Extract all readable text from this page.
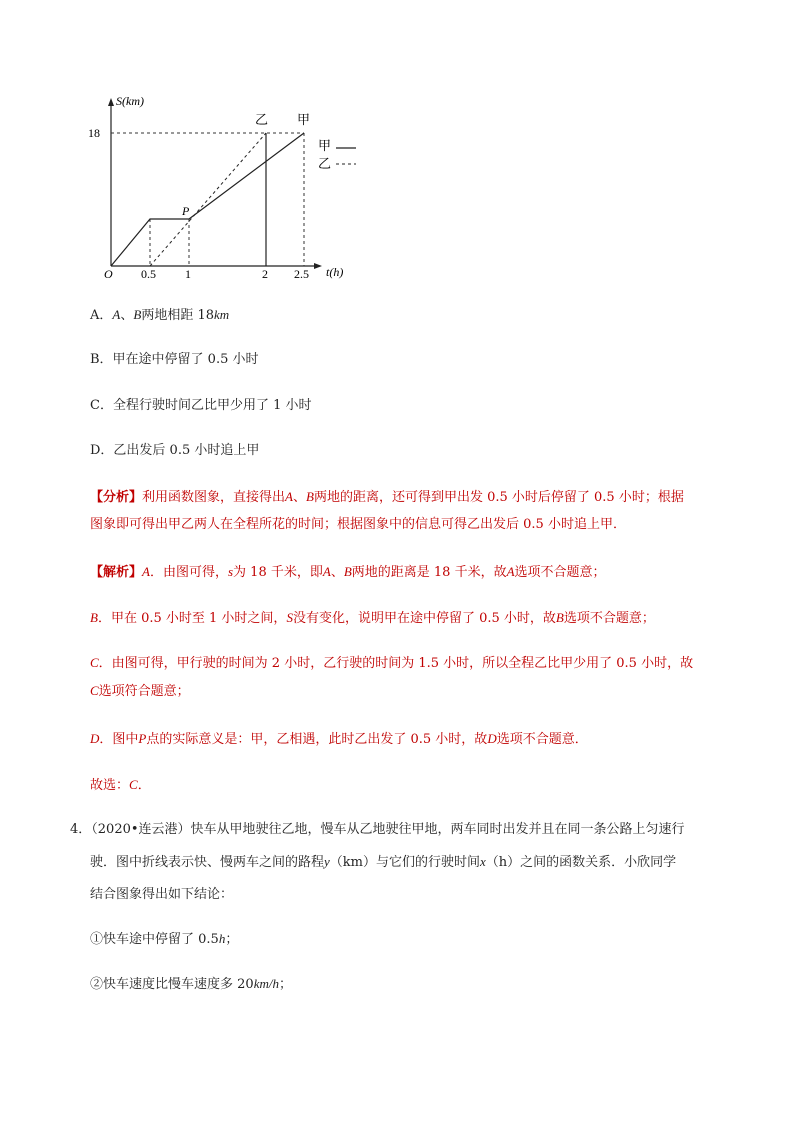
S(km)
18
O 0.5 1	2 2.5 t(h)
P
乙 甲
甲
乙
A．A、B两地相距 18km
B．甲在途中停留了 0.5 小时
C．全程行驶时间乙比甲少用了 1 小时
D．乙出发后 0.5 小时追上甲
【分析】利用函数图象，直接得出A、B两地的距离，还可得到甲出发 0.5 小时后停留了 0.5 小时；根据
图象即可得出甲乙两人在全程所花的时间；根据图象中的信息可得乙出发后 0.5 小时追上甲．
【解析】A．由图可得，s为 18 千米，即A、B两地的距离是 18 千米，故A选项不合题意；
B．甲在 0.5 小时至 1 小时之间，S没有变化，说明甲在途中停留了 0.5 小时，故B选项不合题意；
C．由图可得，甲行驶的时间为 2 小时，乙行驶的时间为 1.5 小时，所以全程乙比甲少用了 0.5 小时，故
C选项符合题意；
D．图中P点的实际意义是：甲，乙相遇，此时乙出发了 0.5 小时，故D选项不合题意．
故选：C．
4．（2020•连云港）快车从甲地驶往乙地，慢车从乙地驶往甲地，两车同时出发并且在同一条公路上匀速行
驶．图中折线表示快、慢两车之间的路程y（km）与它们的行驶时间x（h）之间的函数关系．小欣同学
结合图象得出如下结论：
①快车途中停留了 0.5h；
②快车速度比慢车速度多 20km/h；
